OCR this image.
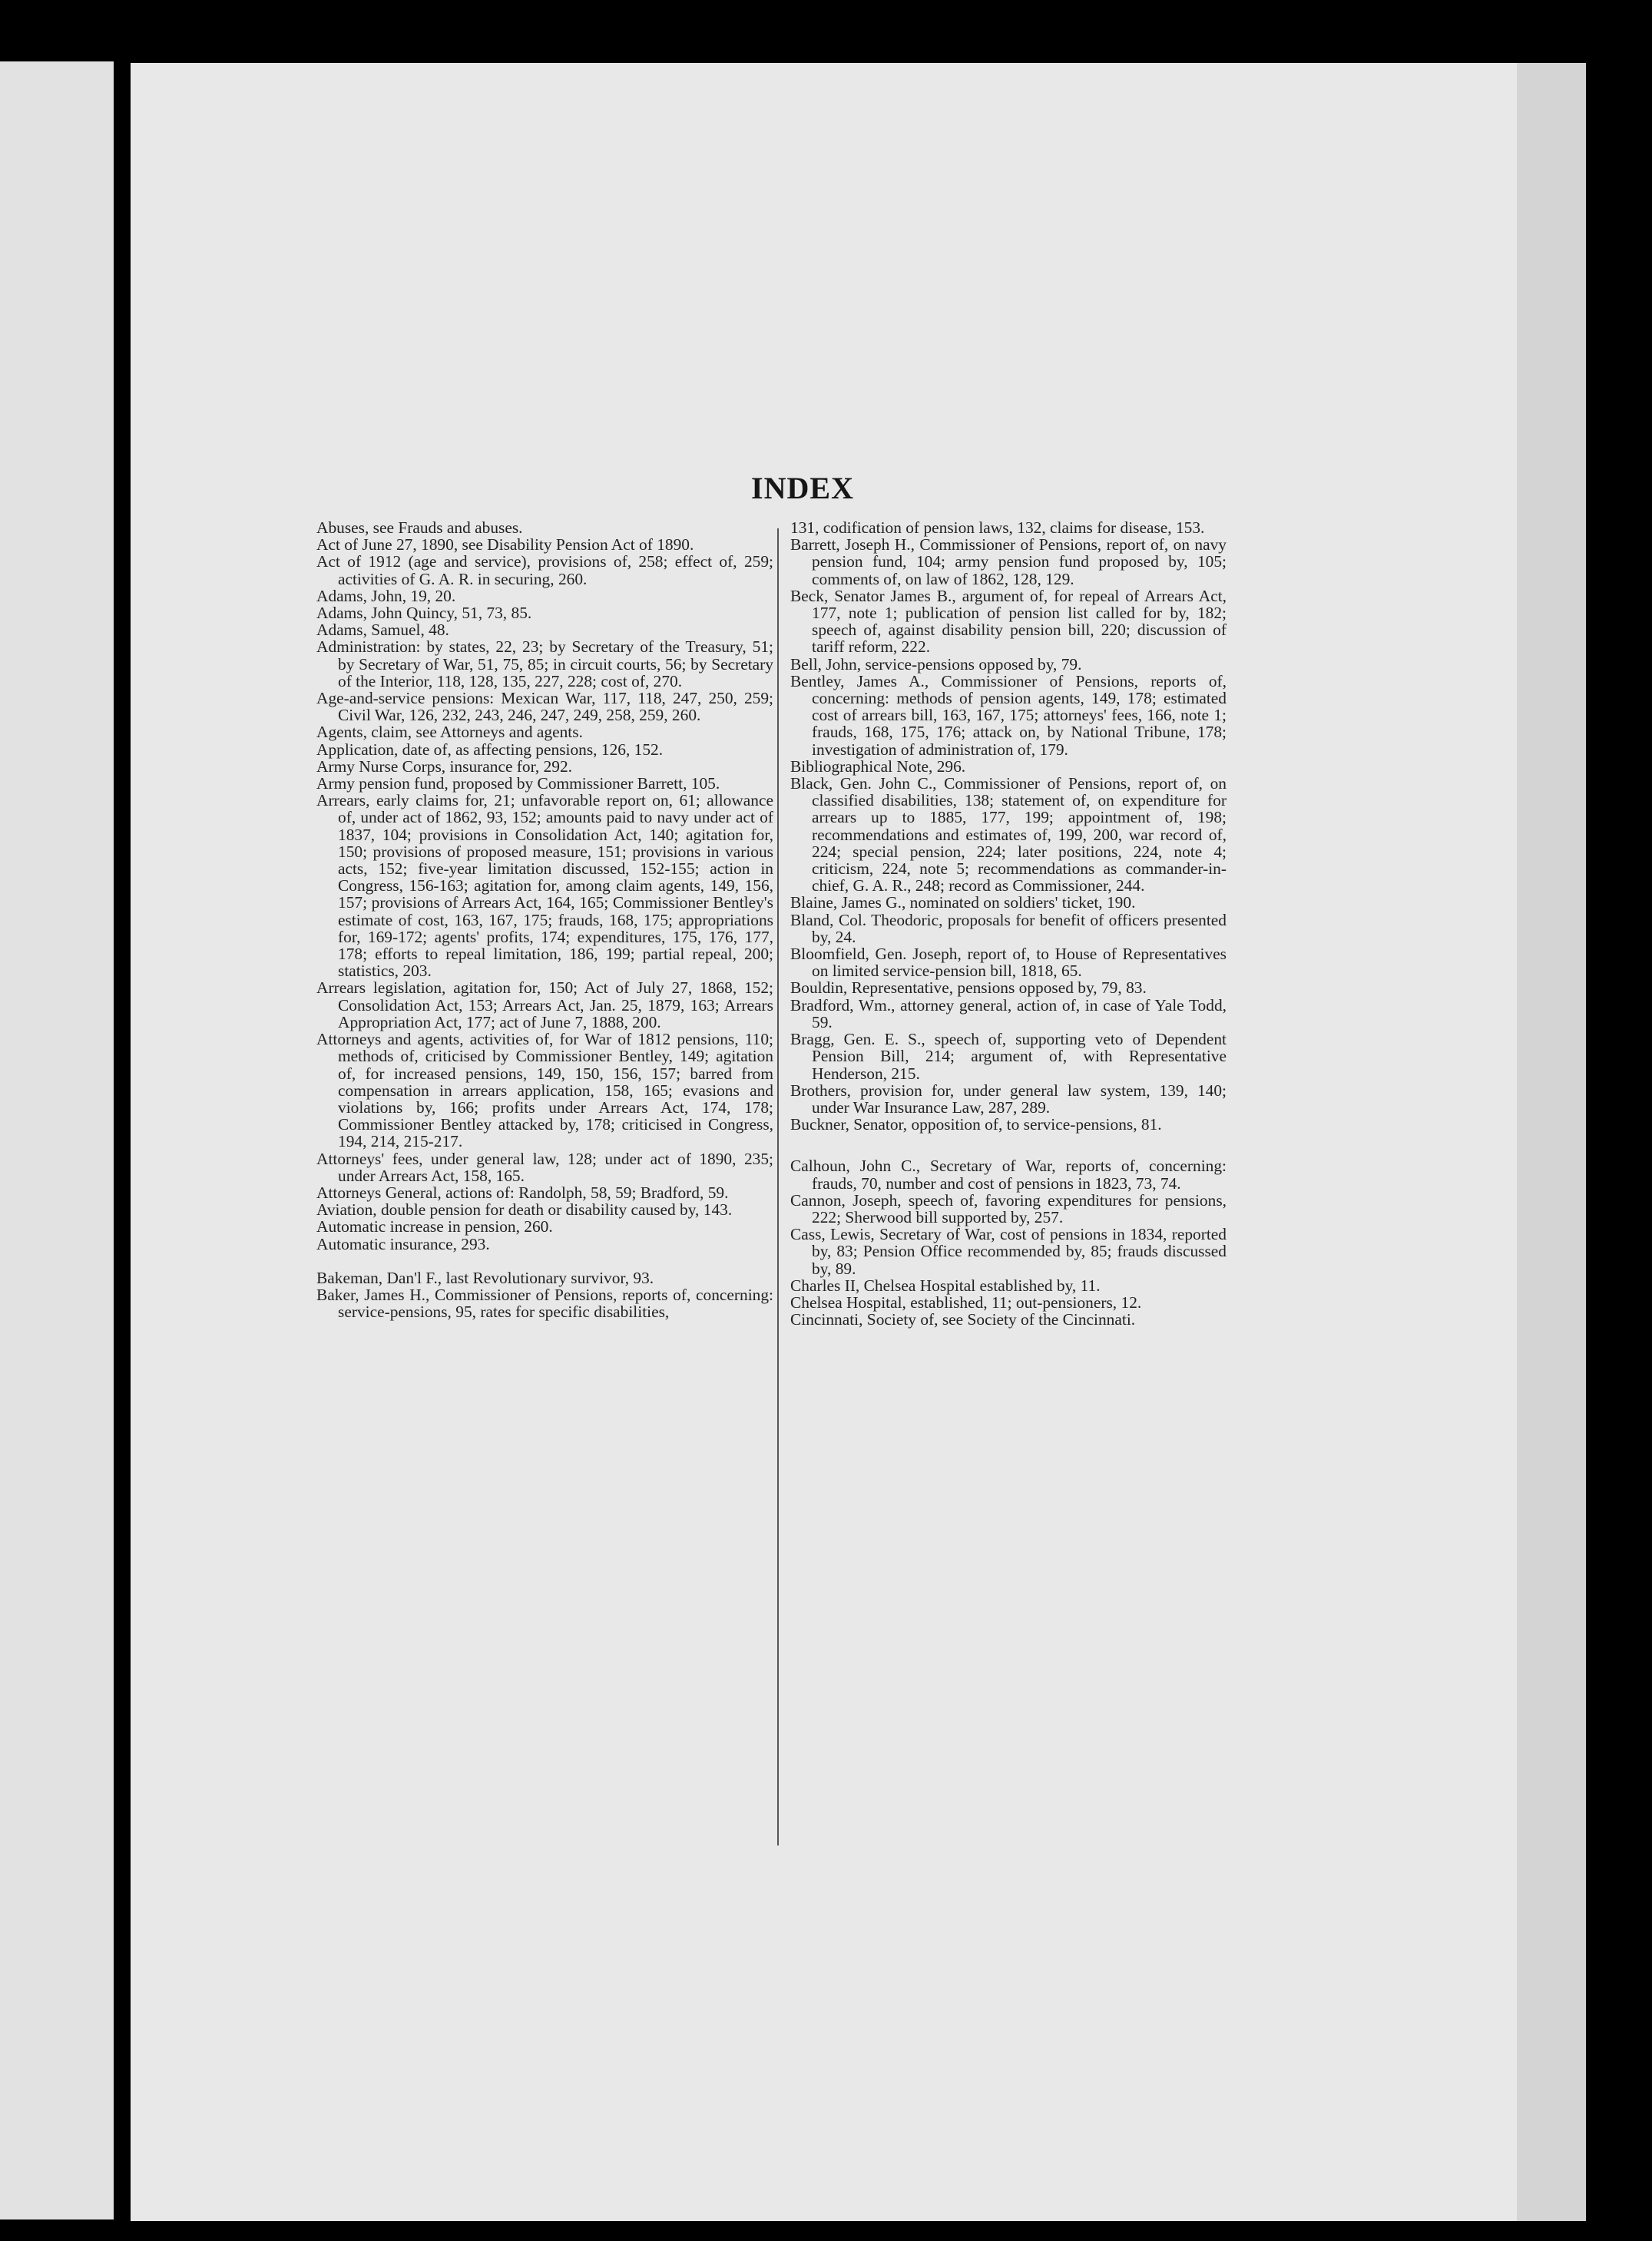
INDEX

Abuses, see Frauds and abuses.

Act of June 27, 1890, see Disability Pension Act of 1890.

Act of 1912 (age and service), provisions of, 258; effect of, 259; activities of G. A. R. in securing, 260.

Adams, John, 19, 20.

Adams, John Quincy, 51, 73, 85.

Adams, Samuel, 48.

Administration: by states, 22, 23; by Secretary of the Treasury, 51; by Secretary of War, 51, 75, 85; in circuit courts, 56; by Secretary of the Interior, 118, 128, 135, 227, 228; cost of, 270.

Age-and-service pensions: Mexican War, 117, 118, 247, 250, 259; Civil War, 126, 232, 243, 246, 247, 249, 258, 259, 260.

Agents, claim, see Attorneys and agents.

Application, date of, as affecting pensions, 126, 152.

Army Nurse Corps, insurance for, 292.

Army pension fund, proposed by Commissioner Barrett, 105.

Arrears, early claims for, 21; unfavorable report on, 61; allowance of, under act of 1862, 93, 152; amounts paid to navy under act of 1837, 104; provisions in Consolidation Act, 140; agitation for, 150; provisions of proposed measure, 151; provisions in various acts, 152; five-year limitation discussed, 152-155; action in Congress, 156-163; agitation for, among claim agents, 149, 156, 157; provisions of Arrears Act, 164, 165; Commissioner Bentley's estimate of cost, 163, 167, 175; frauds, 168, 175; appropriations for, 169-172; agents' profits, 174; expenditures, 175, 176, 177, 178; efforts to repeal limitation, 186, 199; partial repeal, 200; statistics, 203.

Arrears legislation, agitation for, 150; Act of July 27, 1868, 152; Consolidation Act, 153; Arrears Act, Jan. 25, 1879, 163; Arrears Appropriation Act, 177; act of June 7, 1888, 200.

Attorneys and agents, activities of, for War of 1812 pensions, 110; methods of, criticised by Commissioner Bentley, 149; agitation of, for increased pensions, 149, 150, 156, 157; barred from compensation in arrears application, 158, 165; evasions and violations by, 166; profits under Arrears Act, 174, 178; Commissioner Bentley attacked by, 178; criticised in Congress, 194, 214, 215-217.

Attorneys' fees, under general law, 128; under act of 1890, 235; under Arrears Act, 158, 165.

Attorneys General, actions of: Randolph, 58, 59; Bradford, 59.

Aviation, double pension for death or disability caused by, 143.

Automatic increase in pension, 260.

Automatic insurance, 293.

Bakeman, Dan'l F., last Revolutionary survivor, 93.

Baker, James H., Commissioner of Pensions, reports of, concerning: service-pensions, 95, rates for specific disabilities,

131, codification of pension laws, 132, claims for disease, 153.

Barrett, Joseph H., Commissioner of Pensions, report of, on navy pension fund, 104; army pension fund proposed by, 105; comments of, on law of 1862, 128, 129.

Beck, Senator James B., argument of, for repeal of Arrears Act, 177, note 1; publication of pension list called for by, 182; speech of, against disability pension bill, 220; discussion of tariff reform, 222.

Bell, John, service-pensions opposed by, 79.

Bentley, James A., Commissioner of Pensions, reports of, concerning: methods of pension agents, 149, 178; estimated cost of arrears bill, 163, 167, 175; attorneys' fees, 166, note 1; frauds, 168, 175, 176; attack on, by National Tribune, 178; investigation of administration of, 179.

Bibliographical Note, 296.

Black, Gen. John C., Commissioner of Pensions, report of, on classified disabilities, 138; statement of, on expenditure for arrears up to 1885, 177, 199; appointment of, 198; recommendations and estimates of, 199, 200, war record of, 224; special pension, 224; later positions, 224, note 4; criticism, 224, note 5; recommendations as commander-in-chief, G. A. R., 248; record as Commissioner, 244.

Blaine, James G., nominated on soldiers' ticket, 190.

Bland, Col. Theodoric, proposals for benefit of officers presented by, 24.

Bloomfield, Gen. Joseph, report of, to House of Representatives on limited service-pension bill, 1818, 65.

Bouldin, Representative, pensions opposed by, 79, 83.

Bradford, Wm., attorney general, action of, in case of Yale Todd, 59.

Bragg, Gen. E. S., speech of, supporting veto of Dependent Pension Bill, 214; argument of, with Representative Henderson, 215.

Brothers, provision for, under general law system, 139, 140; under War Insurance Law, 287, 289.

Buckner, Senator, opposition of, to service-pensions, 81.

Calhoun, John C., Secretary of War, reports of, concerning: frauds, 70, number and cost of pensions in 1823, 73, 74.

Cannon, Joseph, speech of, favoring expenditures for pensions, 222; Sherwood bill supported by, 257.

Cass, Lewis, Secretary of War, cost of pensions in 1834, reported by, 83; Pension Office recommended by, 85; frauds discussed by, 89.

Charles II, Chelsea Hospital established by, 11.

Chelsea Hospital, established, 11; out-pensioners, 12.

Cincinnati, Society of, see Society of the Cincinnati.
